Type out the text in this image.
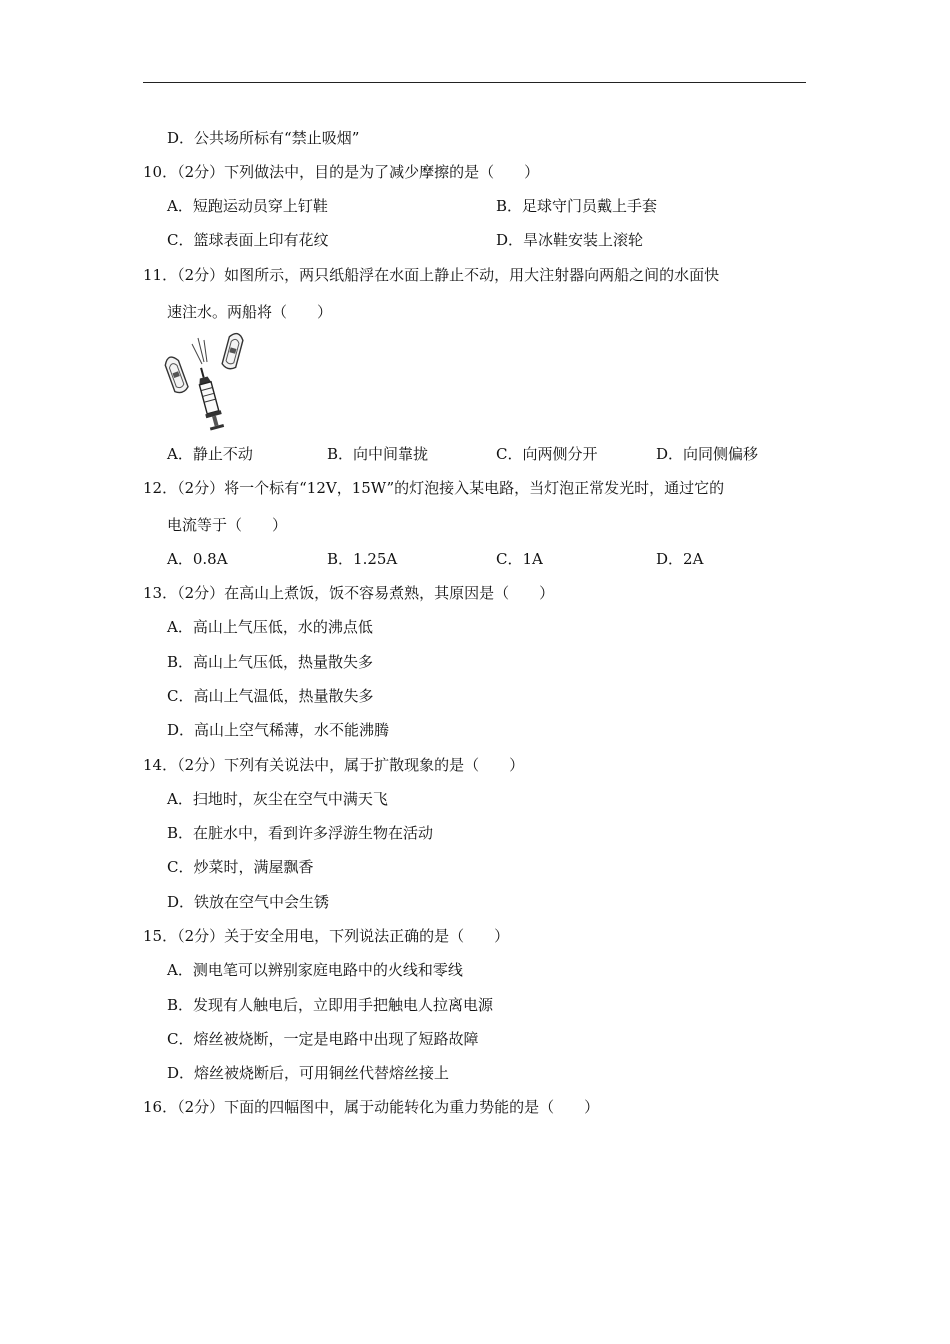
D．公共场所标有“禁止吸烟”
10．（2分）下列做法中，目的是为了减少摩擦的是（　　）
A．短跑运动员穿上钉鞋	B．足球守门员戴上手套
C．篮球表面上印有花纹	D．旱冰鞋安装上滚轮
11．（2分）如图所示，两只纸船浮在水面上静止不动，用大注射器向两船之间的水面快
速注水。两船将（　　）
A．静止不动	B．向中间靠拢	C．向两侧分开	D．向同侧偏移
12．（2分）将一个标有“12V，15W”的灯泡接入某电路，当灯泡正常发光时，通过它的
电流等于（　　）
A．0.8A	B．1.25A	C．1A	D．2A
13．（2分）在高山上煮饭，饭不容易煮熟，其原因是（　　）
A．高山上气压低，水的沸点低
B．高山上气压低，热量散失多
C．高山上气温低，热量散失多
D．高山上空气稀薄，水不能沸腾
14．（2分）下列有关说法中，属于扩散现象的是（　　）
A．扫地时，灰尘在空气中满天飞
B．在脏水中，看到许多浮游生物在活动
C．炒菜时，满屋飘香
D．铁放在空气中会生锈
15．（2分）关于安全用电，下列说法正确的是（　　）
A．测电笔可以辨别家庭电路中的火线和零线
B．发现有人触电后，立即用手把触电人拉离电源
C．熔丝被烧断，一定是电路中出现了短路故障
D．熔丝被烧断后，可用铜丝代替熔丝接上
16．（2分）下面的四幅图中，属于动能转化为重力势能的是（　　）
